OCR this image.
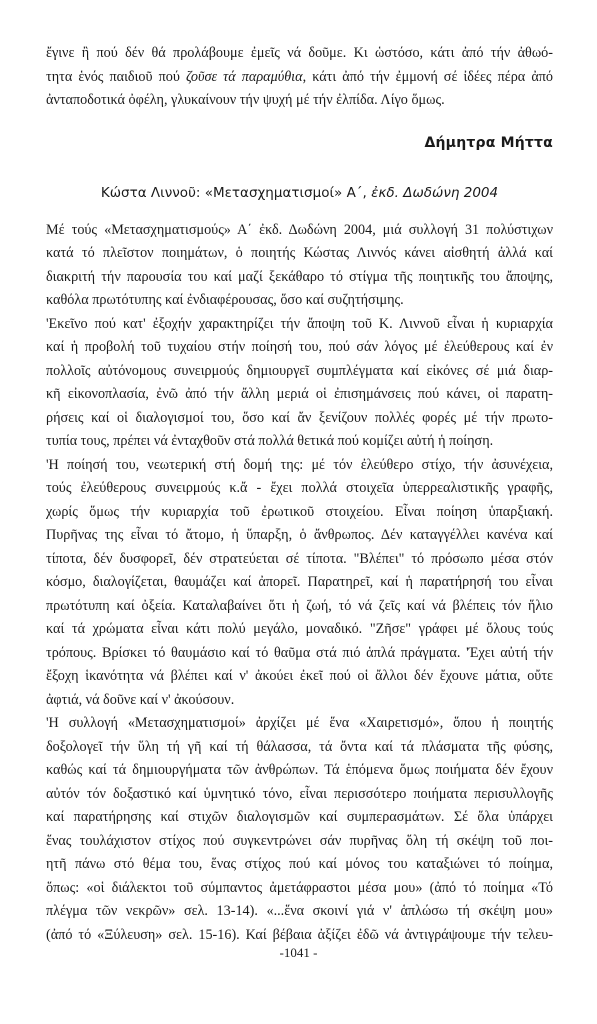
ἔγινε ἢ πού δέν θά προλάβουμε ἐμεῖς νά δοῦμε. Κι ὡστόσο, κάτι ἀπό τήν ἀθωό-
τητα ἑνός παιδιοῦ πού ζοῦσε τά παραμύθια, κάτι ἀπό τήν ἐμμονή σέ ἰδέες πέρα ἀπό
ἀνταποδοτικά ὀφέλη, γλυκαίνουν τήν ψυχή μέ τήν ἐλπίδα. Λίγο ὅμως.
Δήμητρα Μήττα
Κώστα Λιννοῦ: «Μετασχηματισμοί» Α΄, ἐκδ. Δωδώνη 2004
Μέ τούς «Μετασχηματισμούς» Α΄ ἐκδ. Δωδώνη 2004, μιά συλλογή 31 πολύστιχων
κατά τό πλεῖστον ποιημάτων, ὁ ποιητής Κώστας Λιννός κάνει αἰσθητή ἀλλά καί
διακριτή τήν παρουσία του καί μαζί ξεκάθαρο τό στίγμα τῆς ποιητικῆς του ἄποψης,
καθόλα πρωτότυπης καί ἐνδιαφέρουσας, ὅσο καί συζητήσιμης.
'Εκεῖνο πού κατ' ἐξοχήν χαρακτηρίζει τήν ἄποψη τοῦ Κ. Λιννοῦ εἶναι ἡ κυριαρχία
καί ἡ προβολή τοῦ τυχαίου στήν ποίησή του, πού σάν λόγος μέ ἐλεύθερους καί ἐν
πολλοῖς αὐτόνομους συνειρμούς δημιουργεῖ συμπλέγματα καί εἰκόνες σέ μιά διαρ-
κῆ εἰκονοπλασία, ἐνῶ ἀπό τήν ἄλλη μεριά οἱ ἐπισημάνσεις πού κάνει, οἱ παρατη-
ρήσεις καί οἱ διαλογισμοί του, ὅσο καί ἄν ξενίζουν πολλές φορές μέ τήν πρωτο-
τυπία τους, πρέπει νά ἐνταχθοῦν στά πολλά θετικά πού κομίζει αὐτή ἡ ποίηση.
'Η ποίησή του, νεωτερική στή δομή της: μέ τόν ἐλεύθερο στίχο, τήν ἀσυνέχεια,
τούς ἐλεύθερους συνειρμούς κ.ἄ - ἔχει πολλά στοιχεῖα ὑπερρεαλιστικῆς γραφῆς,
χωρίς ὅμως τήν κυριαρχία τοῦ ἐρωτικοῦ στοιχείου. Εἶναι ποίηση ὑπαρξιακή.
Πυρῆνας της εἶναι τό ἄτομο, ἡ ὕπαρξη, ὁ ἄνθρωπος. Δέν καταγγέλλει κανένα καί
τίποτα, δέν δυσφορεῖ, δέν στρατεύεται σέ τίποτα. "Βλέπει" τό πρόσωπο μέσα στόν
κόσμο, διαλογίζεται, θαυμάζει καί ἀπορεῖ. Παρατηρεῖ, καί ἡ παρατήρησή του εἶναι
πρωτότυπη καί ὀξεία. Καταλαβαίνει ὅτι ἡ ζωή, τό νά ζεῖς καί νά βλέπεις τόν ἥλιο
καί τά χρώματα εἶναι κάτι πολύ μεγάλο, μοναδικό. "Ζῆσε" γράφει μέ ὅλους τούς
τρόπους. Βρίσκει τό θαυμάσιο καί τό θαῦμα στά πιό ἁπλά πράγματα. 'Έχει αὐτή τήν
ἔξοχη ἱκανότητα νά βλέπει καί ν' ἀκούει ἐκεῖ πού οἱ ἄλλοι δέν ἔχουνε μάτια, οὔτε
ἀφτιά, νά δοῦνε καί ν' ἀκούσουν.
'Η συλλογή «Μετασχηματισμοί» ἀρχίζει μέ ἕνα «Χαιρετισμό», ὅπου ἡ ποιητής
δοξολογεῖ τήν ὕλη τή γῆ καί τή θάλασσα, τά ὄντα καί τά πλάσματα τῆς φύσης,
καθώς καί τά δημιουργήματα τῶν ἀνθρώπων. Τά ἑπόμενα ὅμως ποιήματα δέν ἔχουν
αὐτόν τόν δοξαστικό καί ὑμνητικό τόνο, εἶναι περισσότερο ποιήματα περισυλλογῆς
καί παρατήρησης καί στιχῶν διαλογισμῶν καί συμπερασμάτων. Σέ ὅλα ὑπάρχει
ἕνας τουλάχιστον στίχος πού συγκεντρώνει σάν πυρῆνας ὅλη τή σκέψη τοῦ ποι-
ητῆ πάνω στό θέμα του, ἕνας στίχος πού καί μόνος του καταξιώνει τό ποίημα,
ὅπως: «οἱ διάλεκτοι τοῦ σύμπαντος ἀμετάφραστοι μέσα μου» (ἀπό τό ποίημα «Τό
πλέγμα τῶν νεκρῶν» σελ. 13-14). «...ἕνα σκοινί γιά ν' ἁπλώσω τή σκέψη μου»
(ἀπό τό «Ξύλευση» σελ. 15-16). Καί βέβαια ἀξίζει ἐδῶ νά ἀντιγράψουμε τήν τελευ-
-1041 -
